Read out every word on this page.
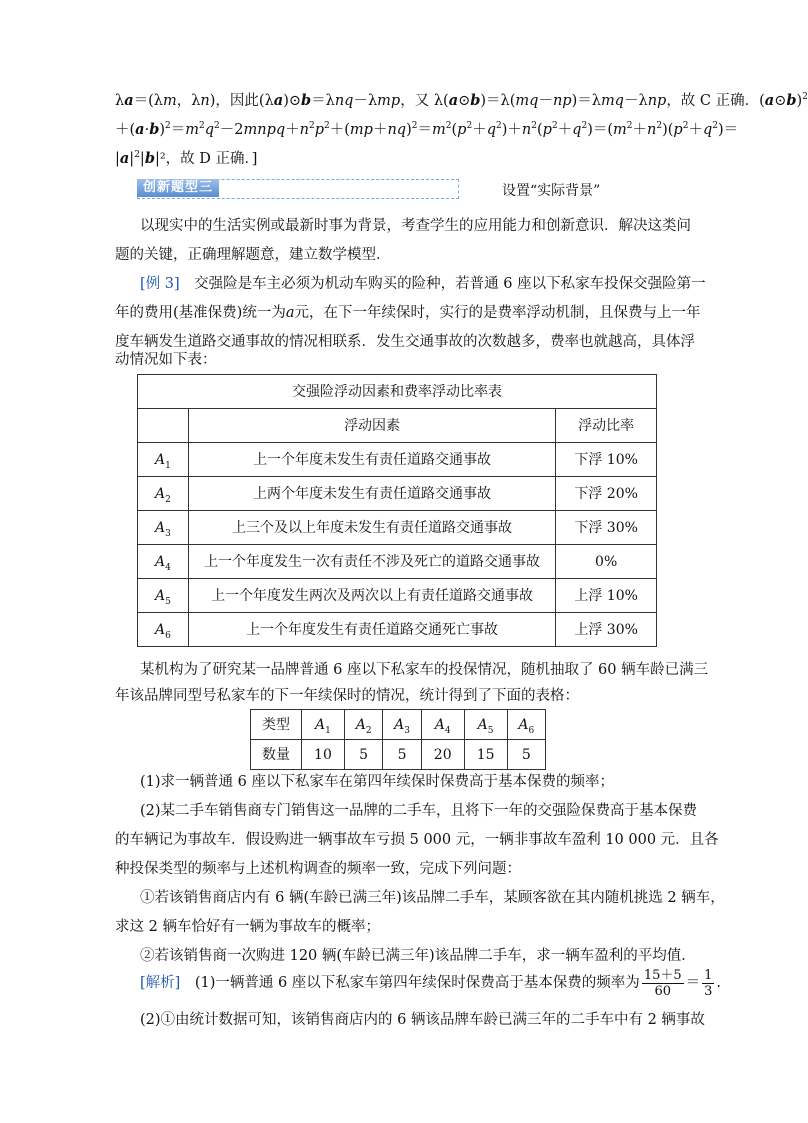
λa＝(λm，λn)，因此(λa)⊙b＝λnq－λmp，又 λ(a⊙b)＝λ(mq－np)＝λmq－λnp，故 C 正确．(a⊙b)$^2$
$+(a\cdot b)^2=m^2q^2-2mnpq+n^2p^2+(mp+nq)^2=m^2(p^2+q^2)+n^2(p^2+q^2)=(m^2+n^2)(p^2+q^2)=$
$|a|^2|b|^2$，故 D 正确．]
创新题型三	设置“实际背景”
以现实中的生活实例或最新时事为背景，考查学生的应用能力和创新意识．解决这类问
题的关键，正确理解题意，建立数学模型．
[例 3]　 交强险是车主必须为机动车购买的险种，若普通 6 座以下私家车投保交强险第一
年的费用(基准保费)统一为a元，在下一年续保时，实行的是费率浮动机制，且保费与上一年
度车辆发生道路交通事故的情况相联系．发生交通事故的次数越多，费率也就越高，具体浮
动情况如下表：
交强险浮动因素和费率浮动比率表		
	浮动因素	浮动比率
$A_1$	上一个年度未发生有责任道路交通事故	下浮 10%
$A_2$	上两个年度未发生有责任道路交通事故	下浮 20%
$A_3$	上三个及以上年度未发生有责任道路交通事故	下浮 30%
$A_4$	上一个年度发生一次有责任不涉及死亡的道路交通事故	0%
$A_5$	上一个年度发生两次及两次以上有责任道路交通事故	上浮 10%
$A_6$	上一个年度发生有责任道路交通死亡事故	上浮 30%
某机构为了研究某一品牌普通 6 座以下私家车的投保情况，随机抽取了 60 辆车龄已满三
年该品牌同型号私家车的下一年续保时的情况，统计得到了下面的表格：
类型	$A_1$	$A_2$	$A_3$	$A_4$	$A_5$	$A_6$
数量	10	5	5	20	15	5
(1)求一辆普通 6 座以下私家车在第四年续保时保费高于基本保费的频率；
(2)某二手车销售商专门销售这一品牌的二手车，且将下一年的交强险保费高于基本保费
的车辆记为事故车．假设购进一辆事故车亏损 5 000 元，一辆非事故车盈利 10 000 元．且各
种投保类型的频率与上述机构调查的频率一致，完成下列问题：
①若该销售商店内有 6 辆(车龄已满三年)该品牌二手车，某顾客欲在其内随机挑选 2 辆车，
求这 2 辆车恰好有一辆为事故车的概率；
②若该销售商一次购进 120 辆(车龄已满三年)该品牌二手车，求一辆车盈利的平均值．
[解析]　 (1)一辆普通 6 座以下私家车第四年续保时保费高于基本保费的频率为 $\frac{15+5}{60} = \frac{1}{3}$ .
(2)①由统计数据可知，该销售商店内的 6 辆该品牌车龄已满三年的二手车中有 2 辆事故
